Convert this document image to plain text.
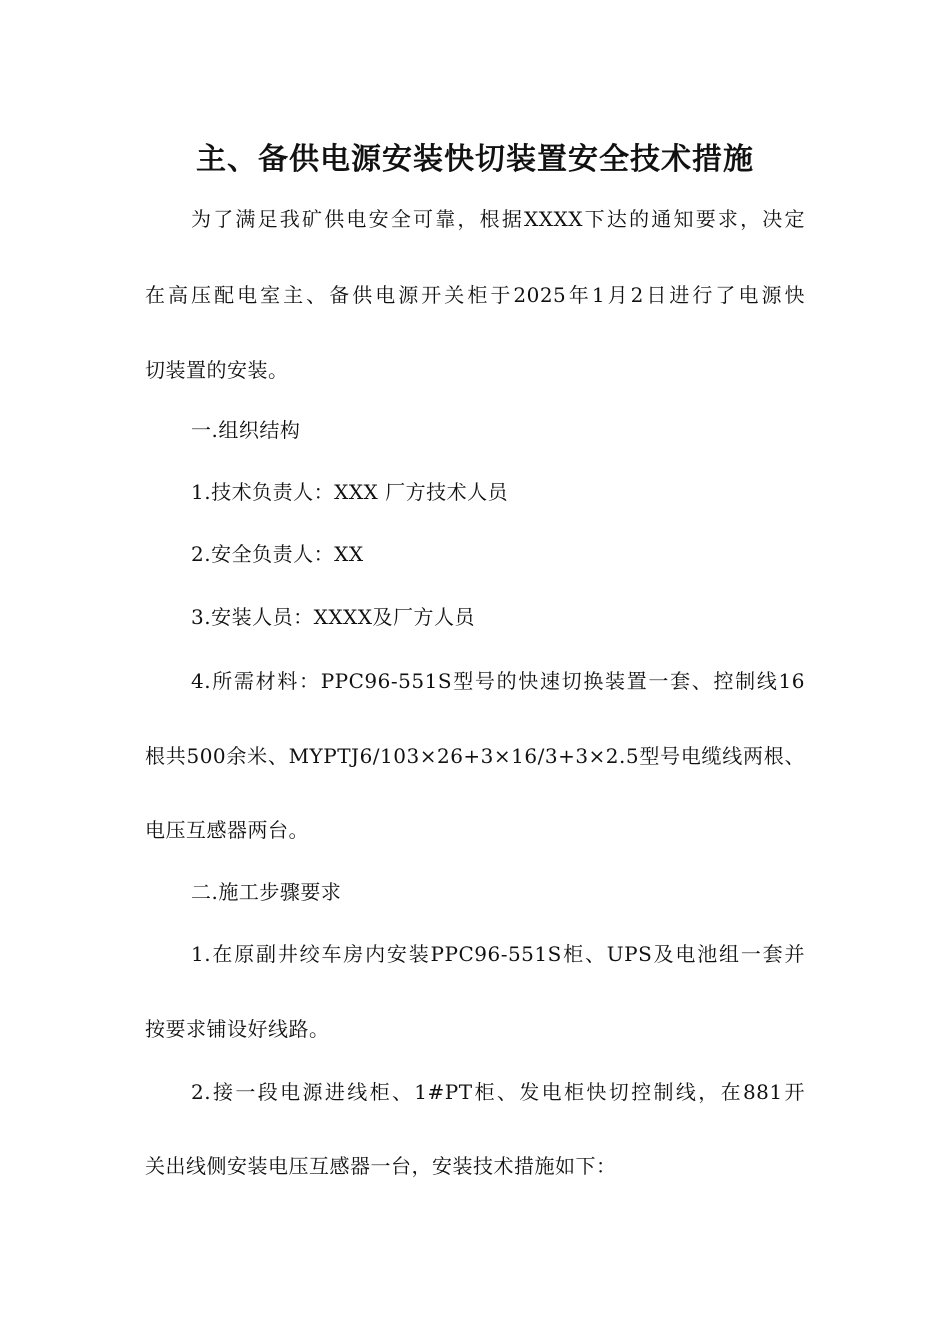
主、备供电源安装快切装置安全技术措施

为了满足我矿供电安全可靠，根据XXXX下达的通知要求，决定

在高压配电室主、备供电源开关柜于2025年1月2日进行了电源快

切装置的安装。

一.组织结构

1.技术负责人：XXX 厂方技术人员

2.安全负责人：XX

3.安装人员：XXXX及厂方人员

4.所需材料：PPC96-551S型号的快速切换装置一套、控制线16

根共500余米、MYPTJ6/103×26+3×16/3+3×2.5型号电缆线两根、

电压互感器两台。

二.施工步骤要求

1.在原副井绞车房内安装PPC96-551S柜、UPS及电池组一套并

按要求铺设好线路。

2.接一段电源进线柜、1#PT柜、发电柜快切控制线，在881开

关出线侧安装电压互感器一台，安装技术措施如下：
